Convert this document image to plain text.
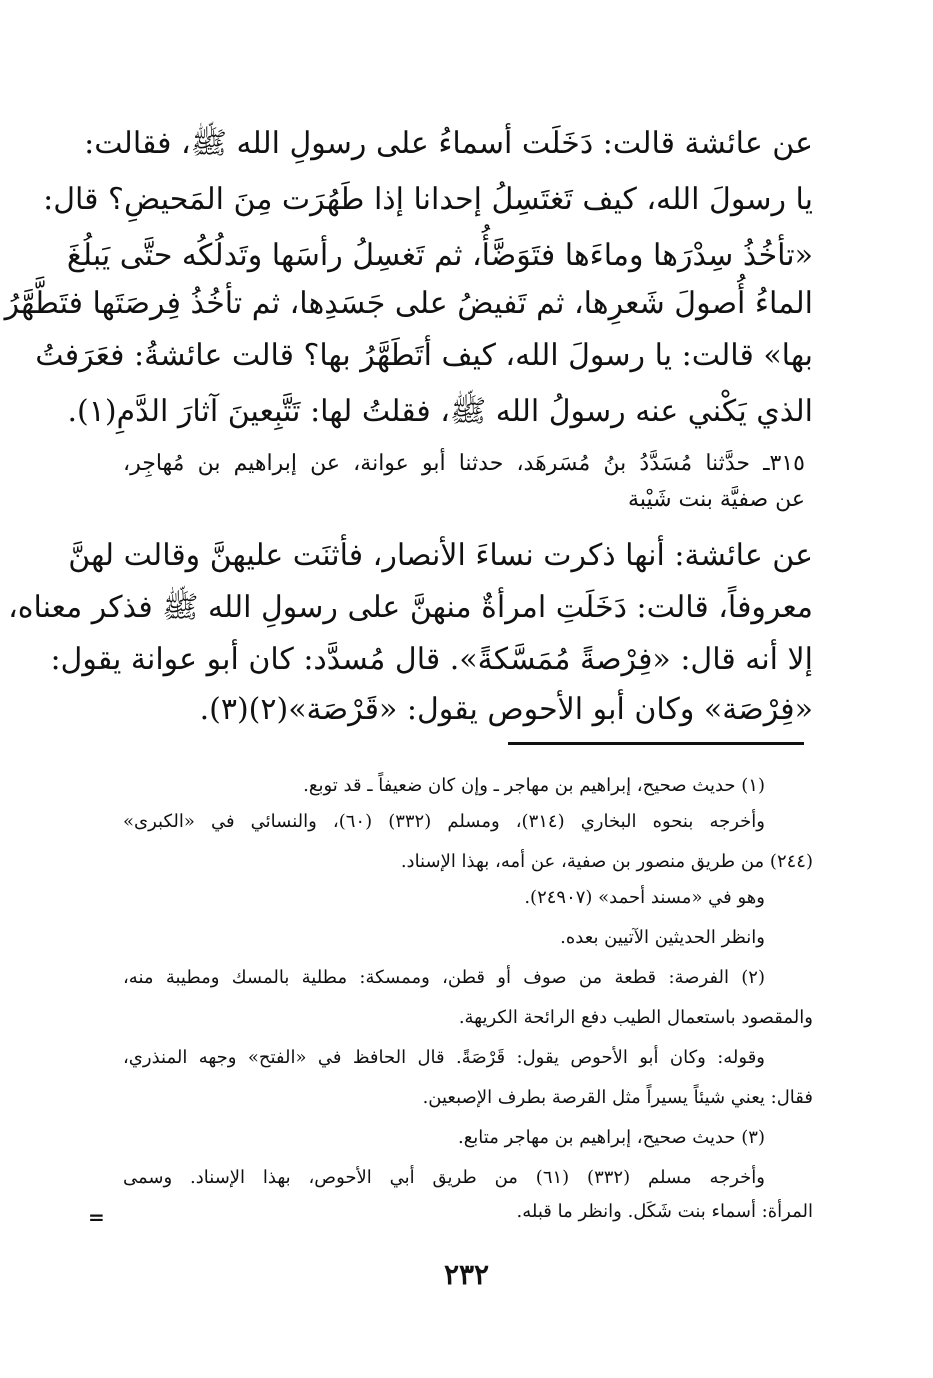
عن عائشة قالت: دَخَلَت أسماءُ على رسولِ الله ﷺ، فقالت:
يا رسولَ الله، كيف تَغتَسِلُ إحدانا إذا طَهُرَت مِنَ المَحيضِ؟ قال:
«تأخُذُ سِدْرَها وماءَها فتَوَضَّأُ، ثم تَغسِلُ رأسَها وتَدلُكُه حتَّى يَبلُغَ
الماءُ أُصولَ شَعرِها، ثم تَفيضُ على جَسَدِها، ثم تأخُذُ فِرصَتَها فتَطَّهَّرُ
بها» قالت: يا رسولَ الله، كيف أتَطَهَّرُ بها؟ قالت عائشةُ: فعَرَفتُ
الذي يَكْني عنه رسولُ الله ﷺ، فقلتُ لها: تَتَّبِعينَ آثارَ الدَّمِ(١).
٣١٥ـ حدَّثنا مُسَدَّدُ بنُ مُسَرهَد، حدثنا أبو عوانة، عن إبراهيم بن مُهاجِر،
عن صفيَّة بنت شَيْبة
عن عائشة: أنها ذكرت نساءَ الأنصار، فأثنَت عليهنَّ وقالت لهنَّ
معروفاً، قالت: دَخَلَتِ امرأةٌ منهنَّ على رسولِ الله ﷺ فذكر معناه،
إلا أنه قال: «فِرْصةً مُمَسَّكةً». قال مُسدَّد: كان أبو عوانة يقول:
«فِرْصَة» وكان أبو الأحوص يقول: «قَرْصَة»(٢)(٣).
(١) حديث صحيح، إبراهيم بن مهاجر ـ وإن كان ضعيفاً ـ قد توبع.
وأخرجه بنحوه البخاري (٣١٤)، ومسلم (٣٣٢) (٦٠)، والنسائي في «الكبرى»
(٢٤٤) من طريق منصور بن صفية، عن أمه، بهذا الإسناد.
وهو في «مسند أحمد» (٢٤٩٠٧).
وانظر الحديثين الآتيين بعده.
(٢) الفرصة: قطعة من صوف أو قطن، وممسكة: مطلية بالمسك ومطيبة منه،
والمقصود باستعمال الطيب دفع الرائحة الكريهة.
وقوله: وكان أبو الأحوص يقول: قَرْصَةً. قال الحافظ في «الفتح» وجهه المنذري،
فقال: يعني شيئاً يسيراً مثل القرصة بطرف الإصبعين.
(٣) حديث صحيح، إبراهيم بن مهاجر متابع.
وأخرجه مسلم (٣٣٢) (٦١) من طريق أبي الأحوص، بهذا الإسناد. وسمى
المرأة: أسماء بنت شَكَل. وانظر ما قبله.
=
٢٣٢
